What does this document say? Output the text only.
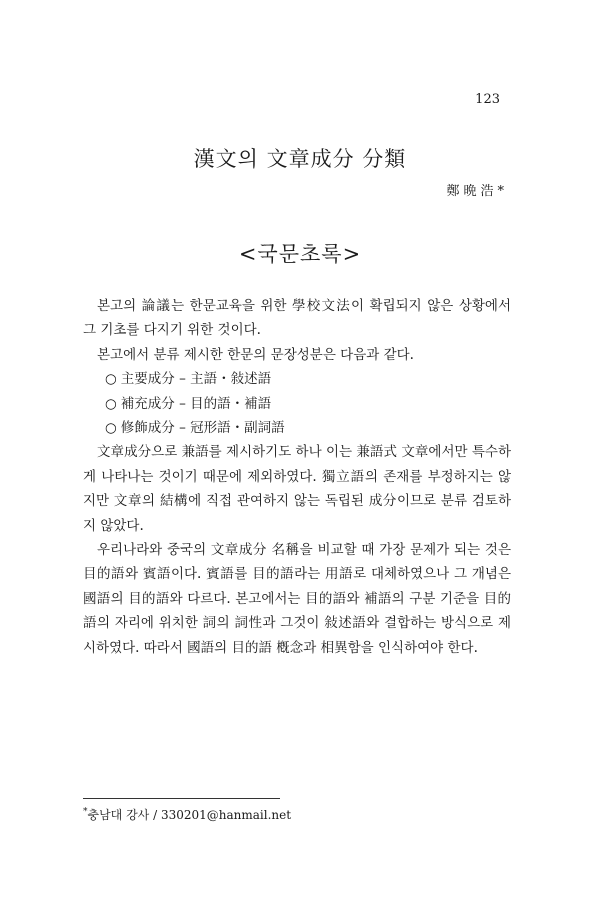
123
漢文의 文章成分 分類
鄭晩浩*
<국문초록>

본고의 論議는 한문교육을 위한 學校文法이 확립되지 않은 상황에서 그 기초를 다지기 위한 것이다.

본고에서 분류 제시한 한문의 문장성분은 다음과 같다.

○ 主要成分 – 主語・敍述語
○ 補充成分 – 目的語・補語
○ 修飾成分 – 冠形語・副詞語

文章成分으로 兼語를 제시하기도 하나 이는 兼語式 文章에서만 특수하게 나타나는 것이기 때문에 제외하였다. 獨立語의 존재를 부정하지는 않지만 文章의 結構에 직접 관여하지 않는 독립된 成分이므로 분류 검토하지 않았다.

우리나라와 중국의 文章成分 名稱을 비교할 때 가장 문제가 되는 것은 目的語와 賓語이다. 賓語를 目的語라는 用語로 대체하였으나 그 개념은 國語의 目的語와 다르다. 본고에서는 目的語와 補語의 구분 기준을 目的語의 자리에 위치한 詞의 詞性과 그것이 敍述語와 결합하는 방식으로 제시하였다. 따라서 國語의 目的語 槪念과 相異함을 인식하여야 한다.

*충남대 강사 / 330201@hanmail.net
